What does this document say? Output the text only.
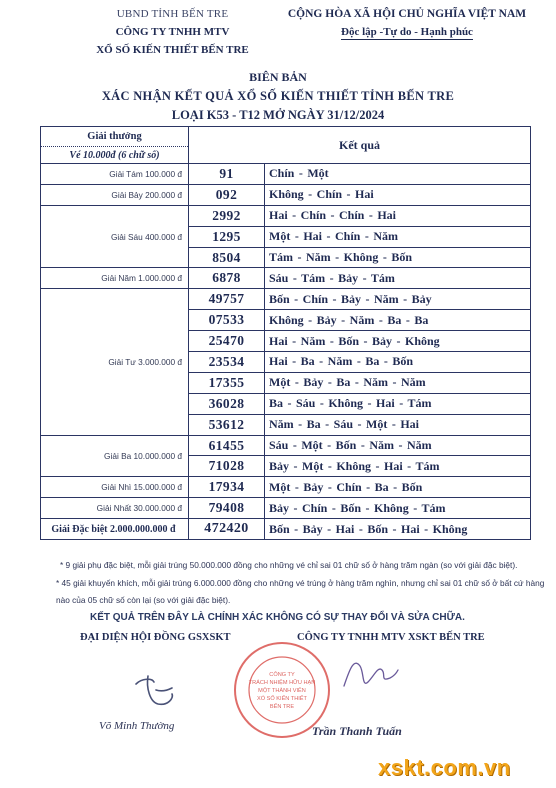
UBND TỈNH BẾN TRE
CÔNG TY TNHH MTV
XỔ SỐ KIẾN THIẾT BẾN TRE
CỘNG HÒA XÃ HỘI CHỦ NGHĨA VIỆT NAM
Độc lập -Tự do - Hạnh phúc
BIÊN BẢN
XÁC NHẬN KẾT QUẢ XỔ SỐ KIẾN THIẾT TỈNH BẾN TRE
LOẠI K53 - T12 MỞ NGÀY 31/12/2024
Giải thưởng	Kết quả	
Vé 10.000đ (6 chữ số)		
Giải Tám 100.000 đ	91	Chín - Một
Giải Bảy 200.000 đ	092	Không - Chín - Hai
Giải Sáu 400.000 đ	2992	Hai - Chín - Chín - Hai
	1295	Một - Hai - Chín - Năm
	8504	Tám - Năm - Không - Bốn
Giải Năm 1.000.000 đ	6878	Sáu - Tám - Bảy - Tám
Giải Tư 3.000.000 đ	49757	Bốn - Chín - Bảy - Năm - Bảy
	07533	Không - Bảy - Năm - Ba - Ba
	25470	Hai - Năm - Bốn - Bảy - Không
	23534	Hai - Ba - Năm - Ba - Bốn
	17355	Một - Bảy - Ba - Năm - Năm
	36028	Ba - Sáu - Không - Hai - Tám
	53612	Năm - Ba - Sáu - Một - Hai
Giải Ba 10.000.000 đ	61455	Sáu - Một - Bốn - Năm - Năm
	71028	Bảy - Một - Không - Hai - Tám
Giải Nhì 15.000.000 đ	17934	Một - Bảy - Chín - Ba - Bốn
Giải Nhất 30.000.000 đ	79408	Bảy - Chín - Bốn - Không - Tám
Giải Đặc biệt 2.000.000.000 đ	472420	Bốn - Bảy - Hai - Bốn - Hai - Không
* 9 giải phụ đặc biệt, mỗi giải trúng 50.000.000 đồng cho những vé chỉ sai 01 chữ số ở hàng trăm ngàn (so với giải đặc biệt).
* 45 giải khuyến khích, mỗi giải trúng 6.000.000 đồng cho những vé trúng ở hàng trăm nghìn, nhưng chỉ sai 01 chữ số ở bất cứ hàng nào của 05 chữ số còn lại (so với giải đặc biệt).
KẾT QUẢ TRÊN ĐÂY LÀ CHÍNH XÁC KHÔNG CÓ SỰ THAY ĐỔI VÀ SỬA CHỮA.
ĐẠI DIỆN HỘI ĐỒNG GSXSKT	CÔNG TY TNHH MTV XSKT BẾN TRE
CÔNG TY TRÁCH NHIỆM HỮU HẠN MỘT THÀNH VIÊN XỔ SỐ KIẾN THIẾT BẾN TRE
Võ Minh Thường	Trần Thanh Tuấn
xskt.com.vn
